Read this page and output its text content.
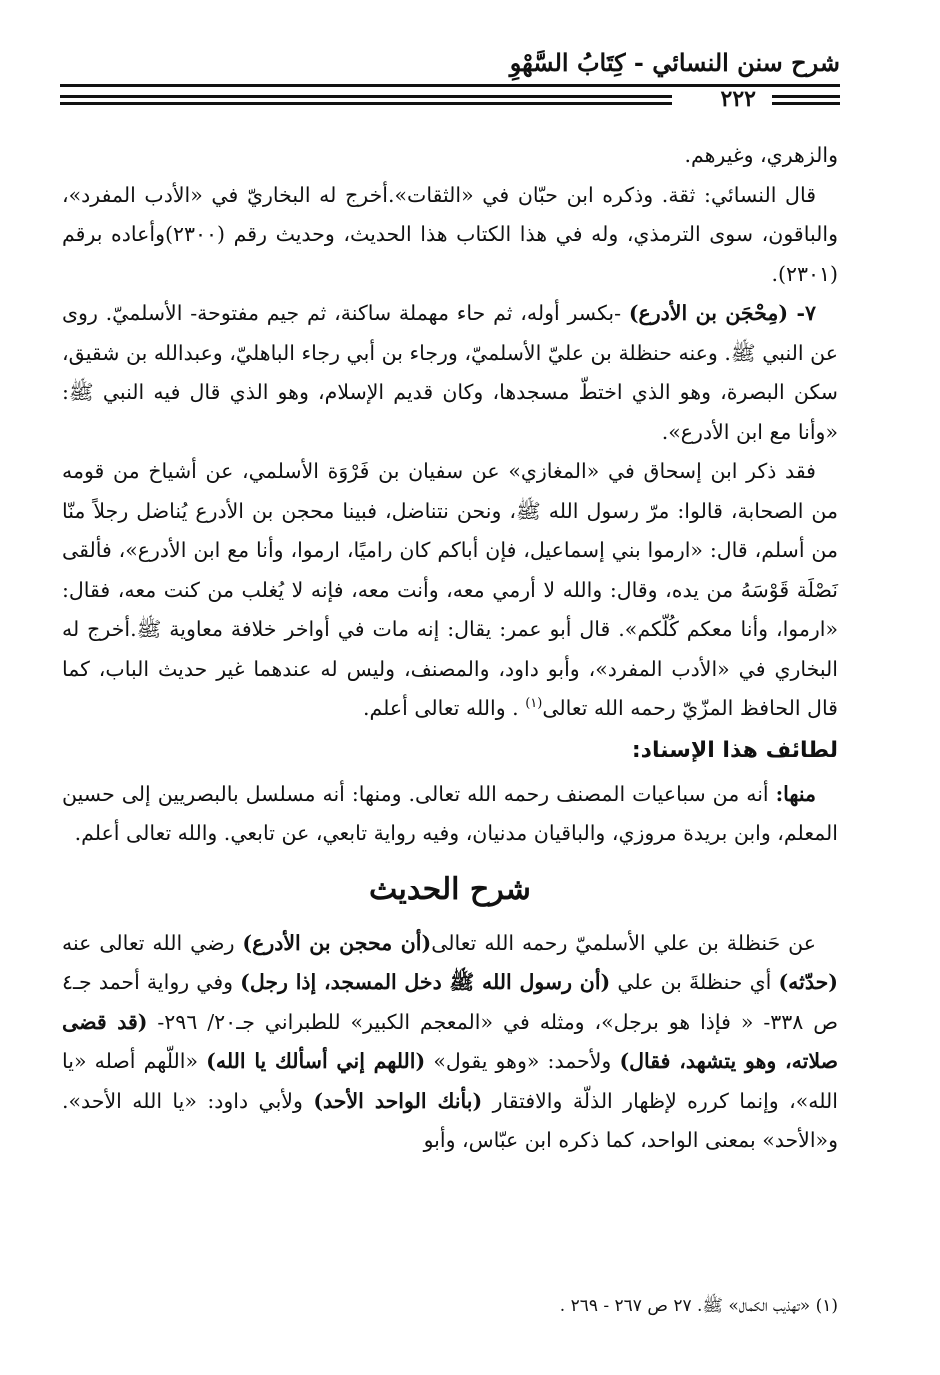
شرح سنن النسائي - كِتَابُ السَّهْوِ
٢٢٢

والزهري، وغيرهم.

قال النسائي: ثقة. وذكره ابن حبّان في «الثقات».أخرج له البخاريّ في «الأدب المفرد»، والباقون، سوى الترمذي، وله في هذا الكتاب هذا الحديث، وحديث رقم (٢٣٠٠)وأعاده برقم (٢٣٠١).

٧- (مِحْجَن بن الأدرع) -بكسر أوله، ثم حاء مهملة ساكنة، ثم جيم مفتوحة- الأسلميّ. روى عن النبي ﷺ. وعنه حنظلة بن عليّ الأسلميّ، ورجاء بن أبي رجاء الباهليّ، وعبدالله بن شقيق، سكن البصرة، وهو الذي اختطّ مسجدها، وكان قديم الإسلام، وهو الذي قال فيه النبي ﷺ: «وأنا مع ابن الأدرع».

فقد ذكر ابن إسحاق في «المغازي» عن سفيان بن فَرْوَة الأسلمي، عن أشياخ من قومه من الصحابة، قالوا: مرّ رسول الله ﷺ، ونحن نتناضل، فبينا محجن بن الأدرع يُناضل رجلاً منّا من أسلم، قال: «ارموا بني إسماعيل، فإن أباكم كان راميًا، ارموا، وأنا مع ابن الأدرع»، فألقى نَصْلَة قَوْسَهُ من يده، وقال: والله لا أرمي معه، وأنت معه، فإنه لا يُغلب من كنت معه، فقال: «ارموا، وأنا معكم كُلّكم». قال أبو عمر: يقال: إنه مات في أواخر خلافة معاوية ﷺ.أخرج له البخاري في «الأدب المفرد»، وأبو داود، والمصنف، وليس له عندهما غير حديث الباب، كما قال الحافظ المزّيّ رحمه الله تعالى$^{(١)}$ . والله تعالى أعلم.

لطائف هذا الإسناد:

منها: أنه من سباعيات المصنف رحمه الله تعالى. ومنها: أنه مسلسل بالبصريين إلى حسين المعلم، وابن بريدة مروزي، والباقيان مدنيان، وفيه رواية تابعي، عن تابعي. والله تعالى أعلم.

شرح الحديث

عن حَنظلة بن علي الأسلميّ رحمه الله تعالى(أن محجن بن الأدرع) رضي الله تعالى عنه (حدّثه) أي حنظلةَ بن علي (أن رسول الله ﷺ دخل المسجد، إذا رجل) وفي رواية أحمد جـ٤ ص ٣٣٨- « فإذا هو برجل»، ومثله في «المعجم الكبير» للطبراني جـ٢٠/ ٢٩٦- (قد قضى صلاته، وهو يتشهد، فقال) ولأحمد: «وهو يقول» (اللهم إني أسألك يا الله) «اللّهم أصله «يا الله»، وإنما كرره لإظهار الذلّة والافتقار (بأنك الواحد الأحد) ولأبي داود: «يا الله الأحد». و«الأحد» بمعنى الواحد، كما ذكره ابن عبّاس، وأبو

(١) «تهذيب الكمال» ﷺ. ٢٧ ص ٢٦٧ - ٢٦٩ .
